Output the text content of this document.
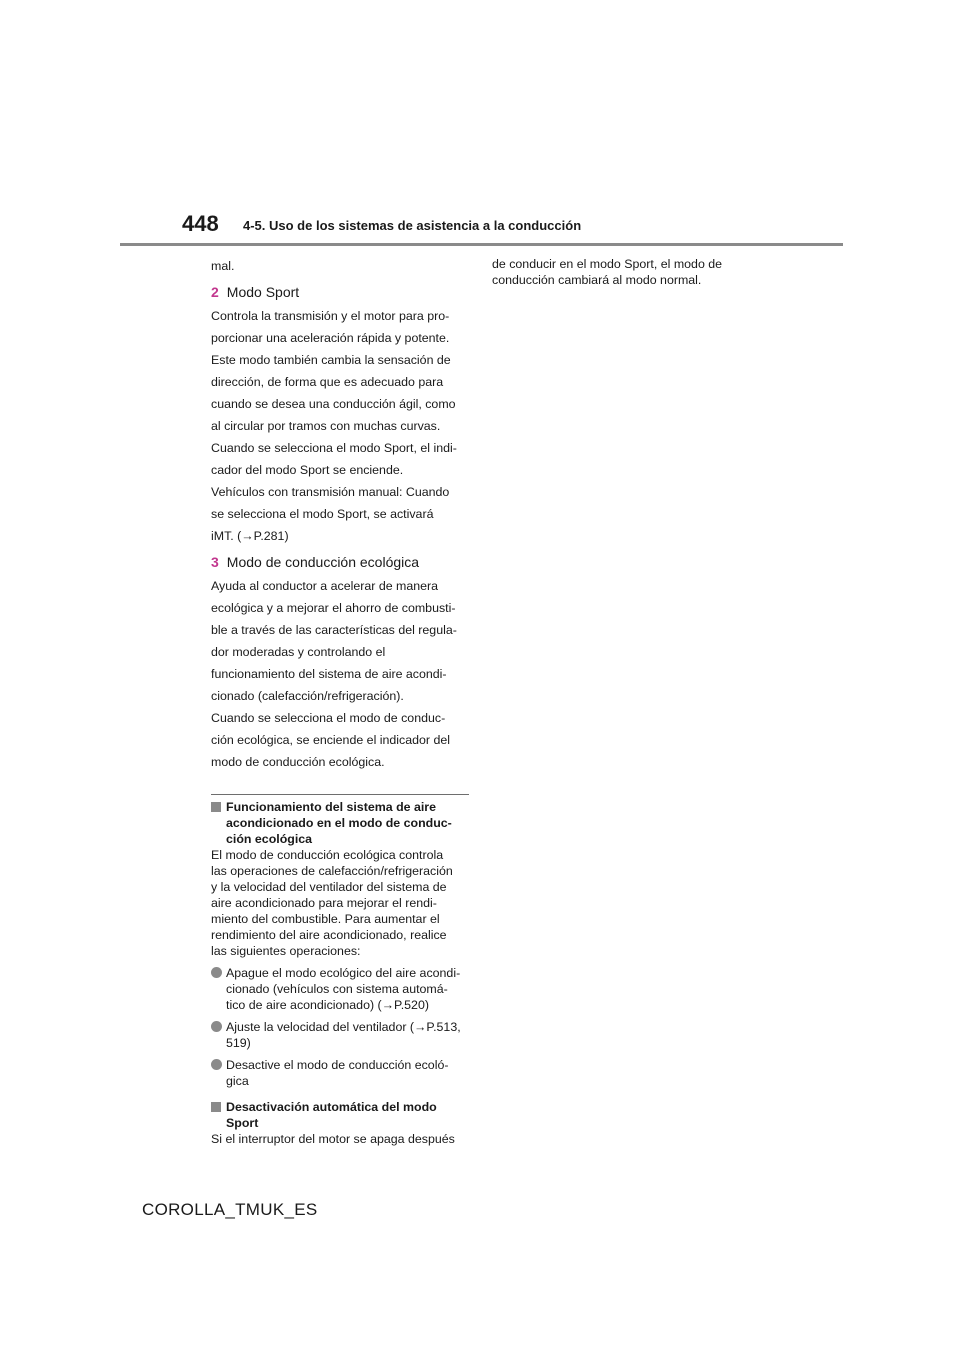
448 4-5. Uso de los sistemas de asistencia a la conducción

mal.

2 Modo Sport

Controla la transmisión y el motor para pro-

porcionar una aceleración rápida y potente.

Este modo también cambia la sensación de

dirección, de forma que es adecuado para

cuando se desea una conducción ágil, como

al circular por tramos con muchas curvas.

Cuando se selecciona el modo Sport, el indi-

cador del modo Sport se enciende.

Vehículos con transmisión manual: Cuando

se selecciona el modo Sport, se activará

iMT. (→P.281)

3 Modo de conducción ecológica

Ayuda al conductor a acelerar de manera

ecológica y a mejorar el ahorro de combusti-

ble a través de las características del regula-

dor moderadas y controlando el

funcionamiento del sistema de aire acondi-

cionado (calefacción/refrigeración).

Cuando se selecciona el modo de conduc-

ción ecológica, se enciende el indicador del

modo de conducción ecológica.

Funcionamiento del sistema de aire
acondicionado en el modo de conduc-
ción ecológica

El modo de conducción ecológica controla

las operaciones de calefacción/refrigeración

y la velocidad del ventilador del sistema de

aire acondicionado para mejorar el rendi-

miento del combustible. Para aumentar el

rendimiento del aire acondicionado, realice

las siguientes operaciones:

Apague el modo ecológico del aire acondi-
cionado (vehículos con sistema automá-
tico de aire acondicionado) (→P.520)
Ajuste la velocidad del ventilador (→P.513,
519)
Desactive el modo de conducción ecoló-
gica
Desactivación automática del modo
Sport

Si el interruptor del motor se apaga después

de conducir en el modo Sport, el modo de

conducción cambiará al modo normal.

COROLLA_TMUK_ES
